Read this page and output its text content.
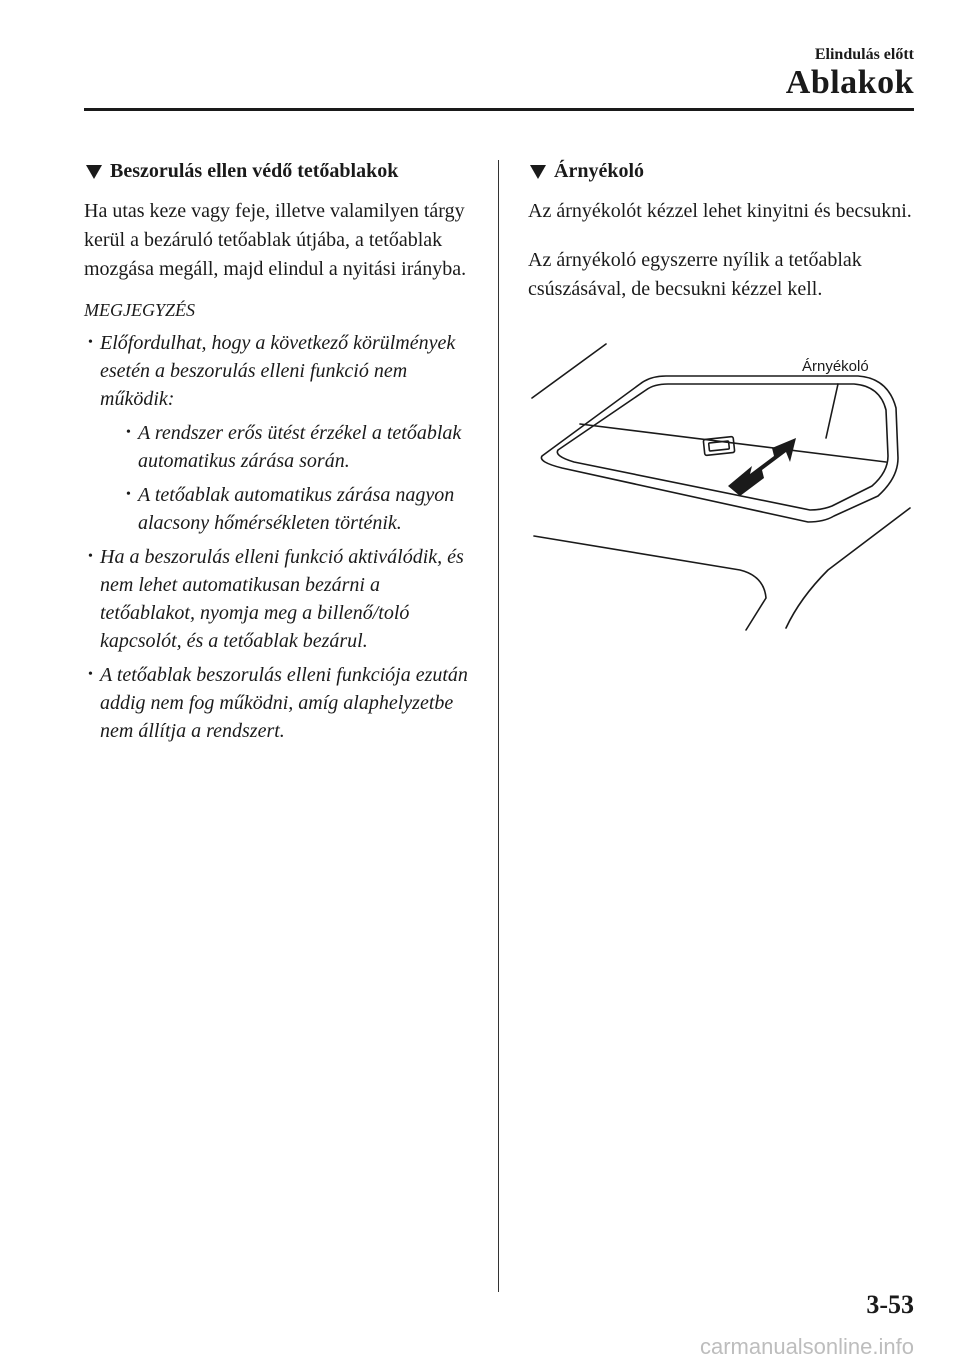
Elindulás előtt
Ablakok
Beszorulás ellen védő tetőablakok

Ha utas keze vagy feje, illetve valamilyen tárgy kerül a bezáruló tetőablak útjába, a tetőablak mozgása megáll, majd elindul a nyitási irányba.

MEGJEGYZÉS
• Előfordulhat, hogy a következő körülmények esetén a beszorulás elleni funkció nem működik:
• A rendszer erős ütést érzékel a tetőablak automatikus zárása során.
• A tetőablak automatikus zárása nagyon alacsony hőmérsékleten történik.
• Ha a beszorulás elleni funkció aktiválódik, és nem lehet automatikusan bezárni a tetőablakot, nyomja meg a billenő/toló kapcsolót, és a tetőablak bezárul.
• A tetőablak beszorulás elleni funkciója ezután addig nem fog működni, amíg alaphelyzetbe nem állítja a rendszert.
Árnyékoló

Az árnyékolót kézzel lehet kinyitni és becsukni.

Az árnyékoló egyszerre nyílik a tetőablak csúszásával, de becsukni kézzel kell.

Árnyékoló
3-53
carmanualsonline.info
